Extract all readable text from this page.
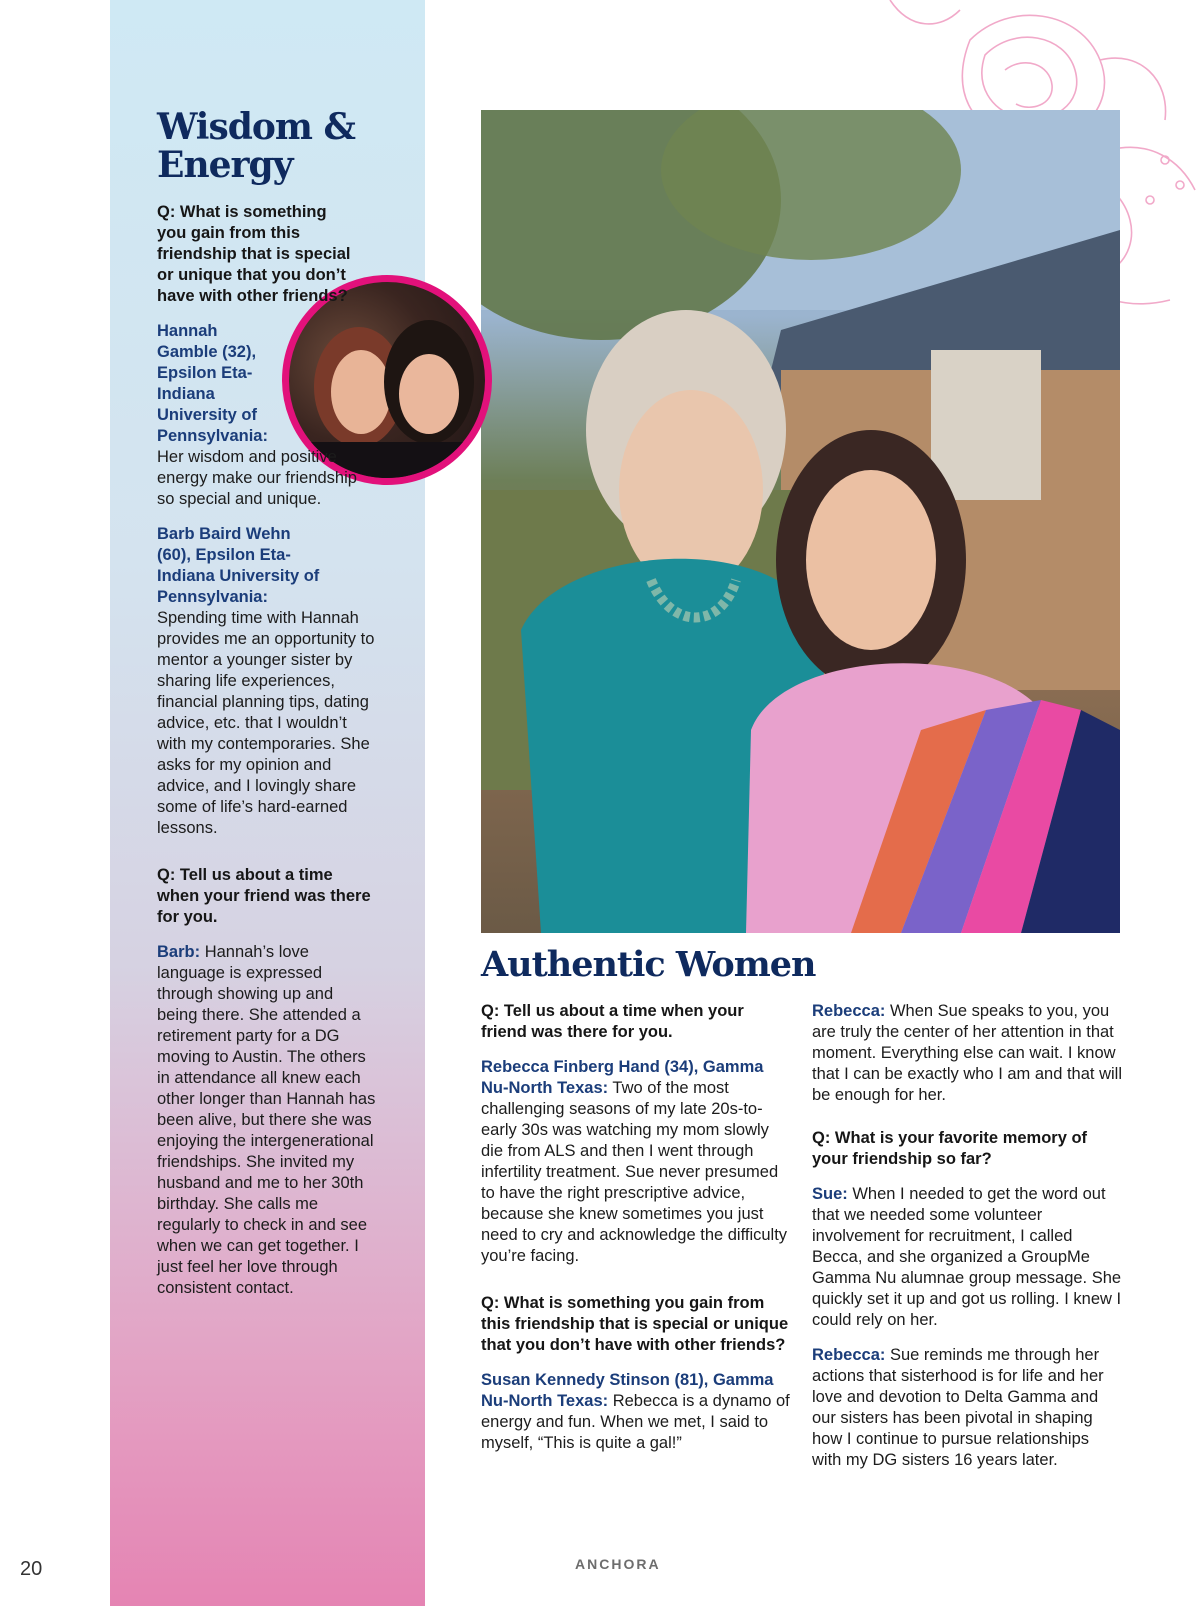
Wisdom &
Energy

Q: What is something you gain from this friendship that is special or unique that you don’t have with other friends?

Hannah Gamble (32), Epsilon Eta-Indiana University of Pennsylvania:
Her wisdom and positive energy make our friendship so special and unique.

Barb Baird Wehn (60), Epsilon Eta-Indiana University of Pennsylvania:
Spending time with Hannah provides me an opportunity to mentor a younger sister by sharing life experiences, financial planning tips, dating advice, etc. that I wouldn’t with my contemporaries. She asks for my opinion and advice, and I lovingly share some of life’s hard-earned lessons.

Q: Tell us about a time when your friend was there for you.

Barb: Hannah’s love language is expressed through showing up and being there. She attended a retirement party for a DG moving to Austin. The others in attendance all knew each other longer than Hannah has been alive, but there she was enjoying the intergenerational friendships. She invited my husband and me to her 30th birthday. She calls me regularly to check in and see when we can get together. I just feel her love through consistent contact.

Authentic Women

Q: Tell us about a time when your friend was there for you.

Rebecca Finberg Hand (34), Gamma Nu-North Texas: Two of the most challenging seasons of my late 20s-to-early 30s was watching my mom slowly die from ALS and then I went through infertility treatment. Sue never presumed to have the right prescriptive advice, because she knew sometimes you just need to cry and acknowledge the difficulty you’re facing.

Q: What is something you gain from this friendship that is special or unique that you don’t have with other friends?

Susan Kennedy Stinson (81), Gamma Nu-North Texas: Rebecca is a dynamo of energy and fun. When we met, I said to myself, “This is quite a gal!”

Rebecca: When Sue speaks to you, you are truly the center of her attention in that moment. Everything else can wait. I know that I can be exactly who I am and that will be enough for her.

Q: What is your favorite memory of your friendship so far?

Sue: When I needed to get the word out that we needed some volunteer involvement for recruitment, I called Becca, and she organized a GroupMe Gamma Nu alumnae group message. She quickly set it up and got us rolling. I knew I could rely on her.

Rebecca: Sue reminds me through her actions that sisterhood is for life and her love and devotion to Delta Gamma and our sisters has been pivotal in shaping how I continue to pursue relationships with my DG sisters 16 years later.

20	ANCHORA
